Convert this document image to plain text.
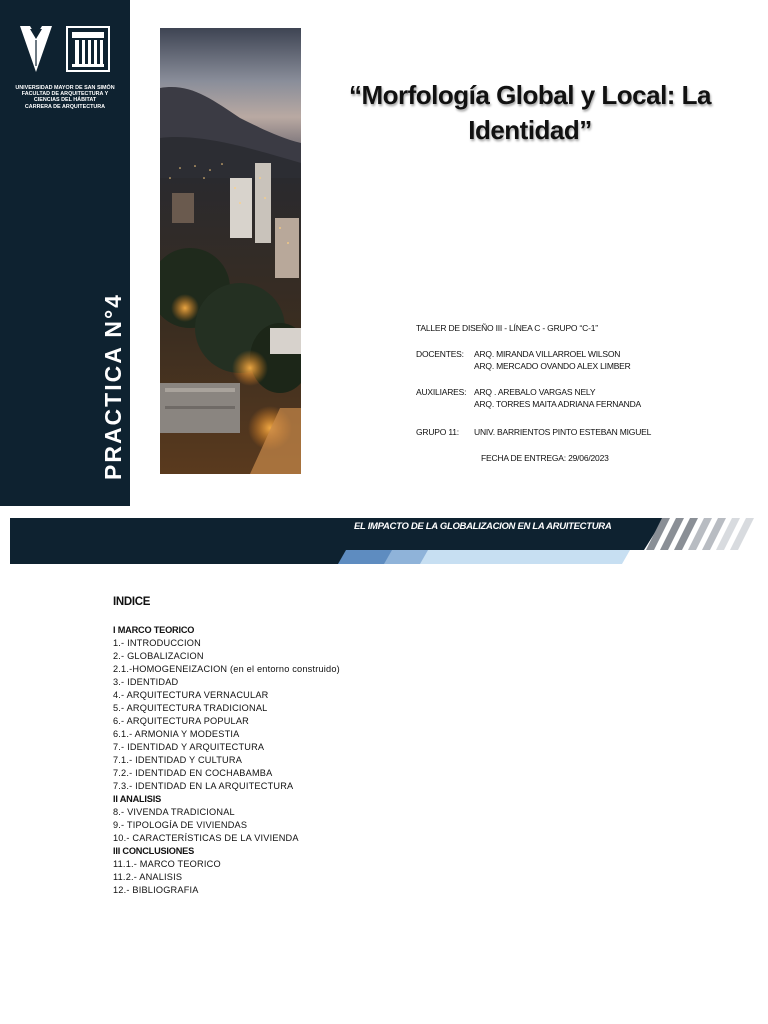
UNIVERSIDAD MAYOR DE SAN SIMÓN
FACULTAD DE ARQUITECTURA Y
CIENCIAS DEL HÁBITAT
CARRERA DE ARQUITECTURA
PRACTICA N°4
“Morfología Global y Local: La
Identidad”
TALLER DE DISEÑO III - LÍNEA C - GRUPO “C-1”
DOCENTES: ARQ. MIRANDA VILLARROEL WILSON
ARQ. MERCADO OVANDO ALEX LIMBER
AUXILIARES: ARQ . AREBALO VARGAS NELY
ARQ. TORRES MAITA ADRIANA FERNANDA
GRUPO 11: UNIV. BARRIENTOS PINTO ESTEBAN MIGUEL
FECHA DE ENTREGA: 29/06/2023
EL IMPACTO DE LA GLOBALIZACION EN LA ARUITECTURA
INDICE
I MARCO TEORICO
1.- INTRODUCCION
2.- GLOBALIZACION
2.1.-HOMOGENEIZACION (en el entorno construido)
3.- IDENTIDAD
4.- ARQUITECTURA VERNACULAR
5.- ARQUITECTURA TRADICIONAL
6.- ARQUITECTURA POPULAR
6.1.- ARMONIA Y MODESTIA
7.- IDENTIDAD Y ARQUITECTURA
7.1.- IDENTIDAD Y CULTURA
7.2.- IDENTIDAD EN COCHABAMBA
7.3.- IDENTIDAD EN LA ARQUITECTURA
II ANALISIS
8.- VIVENDA TRADICIONAL
9.- TIPOLOGÍA DE VIVIENDAS
10.- CARACTERÍSTICAS DE LA VIVIENDA
III CONCLUSIONES
11.1.- MARCO TEORICO
11.2.- ANALISIS
12.- BIBLIOGRAFIA
